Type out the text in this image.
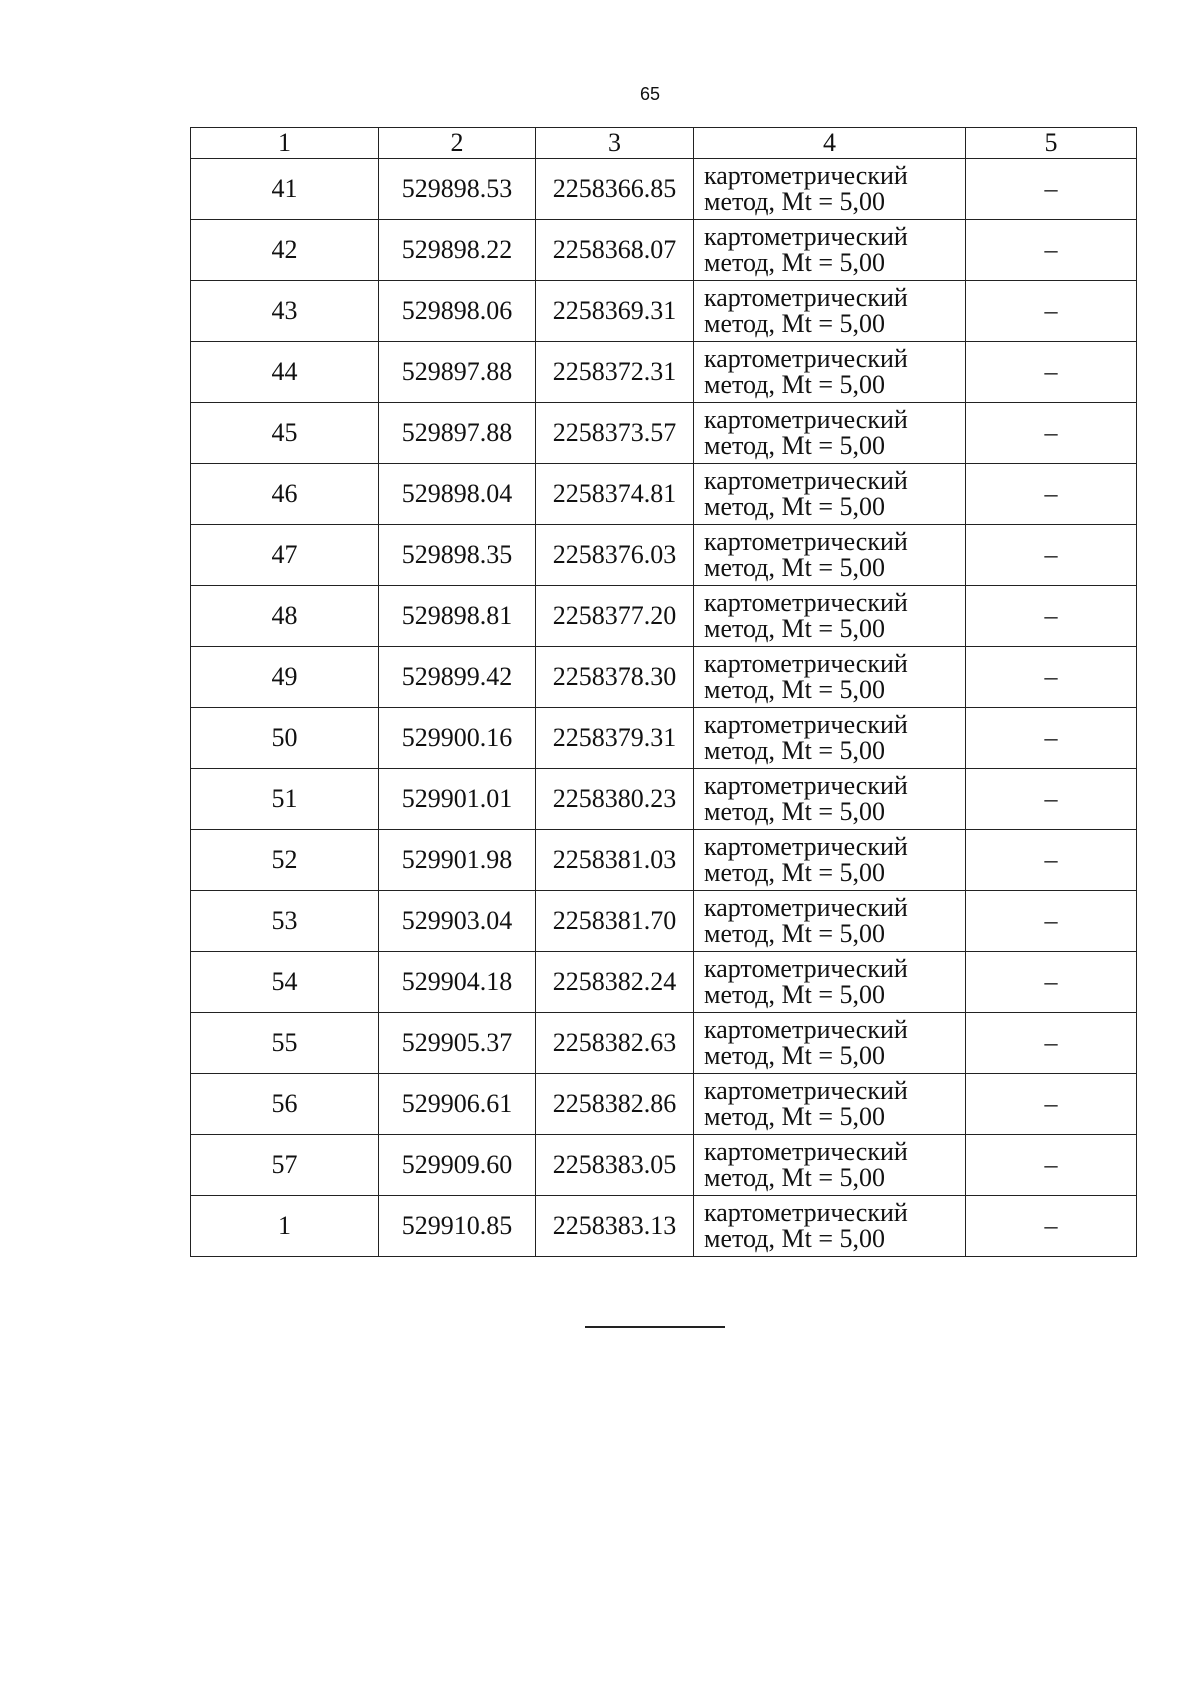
65
1	2	3	4	5
41	529898.53	2258366.85	картометрический
метод, Mt = 5,00	–
42	529898.22	2258368.07	картометрический
метод, Mt = 5,00	–
43	529898.06	2258369.31	картометрический
метод, Mt = 5,00	–
44	529897.88	2258372.31	картометрический
метод, Mt = 5,00	–
45	529897.88	2258373.57	картометрический
метод, Mt = 5,00	–
46	529898.04	2258374.81	картометрический
метод, Mt = 5,00	–
47	529898.35	2258376.03	картометрический
метод, Mt = 5,00	–
48	529898.81	2258377.20	картометрический
метод, Mt = 5,00	–
49	529899.42	2258378.30	картометрический
метод, Mt = 5,00	–
50	529900.16	2258379.31	картометрический
метод, Mt = 5,00	–
51	529901.01	2258380.23	картометрический
метод, Mt = 5,00	–
52	529901.98	2258381.03	картометрический
метод, Mt = 5,00	–
53	529903.04	2258381.70	картометрический
метод, Mt = 5,00	–
54	529904.18	2258382.24	картометрический
метод, Mt = 5,00	–
55	529905.37	2258382.63	картометрический
метод, Mt = 5,00	–
56	529906.61	2258382.86	картометрический
метод, Mt = 5,00	–
57	529909.60	2258383.05	картометрический
метод, Mt = 5,00	–
1	529910.85	2258383.13	картометрический
метод, Mt = 5,00	–
